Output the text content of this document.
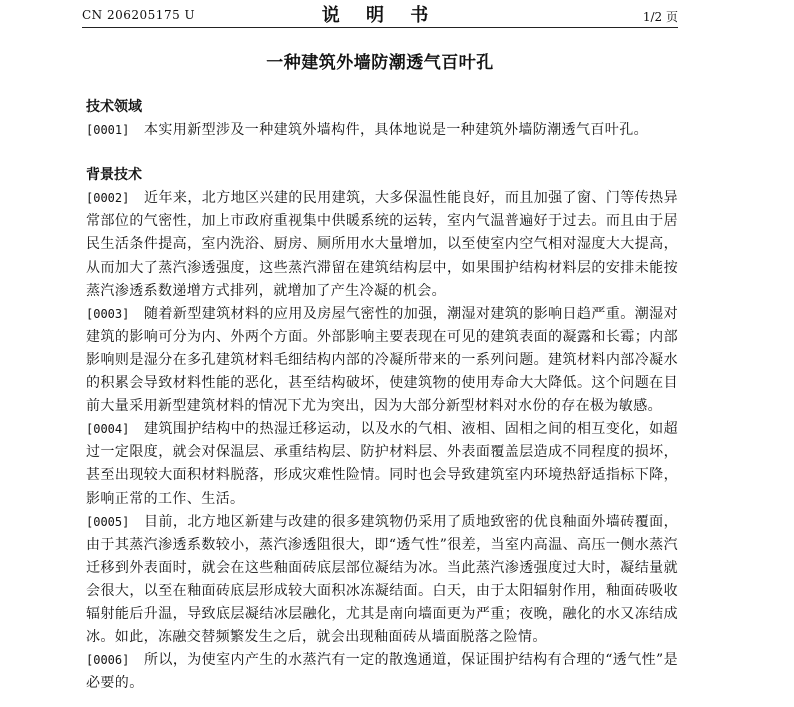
CN 206205175 U	说 明 书	1/2 页
一种建筑外墙防潮透气百叶孔
技术领域

[0001] 本实用新型涉及一种建筑外墙构件，具体地说是一种建筑外墙防潮透气百叶孔。

背景技术

[0002] 近年来，北方地区兴建的民用建筑，大多保温性能良好，而且加强了窗、门等传热异常部位的气密性，加上市政府重视集中供暖系统的运转，室内气温普遍好于过去。而且由于居民生活条件提高，室内洗浴、厨房、厕所用水大量增加，以至使室内空气相对湿度大大提高，从而加大了蒸汽渗透强度，这些蒸汽滞留在建筑结构层中，如果围护结构材料层的安排未能按蒸汽渗透系数递增方式排列，就增加了产生冷凝的机会。

[0003] 随着新型建筑材料的应用及房屋气密性的加强，潮湿对建筑的影响日趋严重。潮湿对建筑的影响可分为内、外两个方面。外部影响主要表现在可见的建筑表面的凝露和长霉；内部影响则是湿分在多孔建筑材料毛细结构内部的冷凝所带来的一系列问题。建筑材料内部冷凝水的积累会导致材料性能的恶化，甚至结构破坏，使建筑物的使用寿命大大降低。这个问题在目前大量采用新型建筑材料的情况下尤为突出，因为大部分新型材料对水份的存在极为敏感。

[0004] 建筑围护结构中的热湿迁移运动，以及水的气相、液相、固相之间的相互变化，如超过一定限度，就会对保温层、承重结构层、防护材料层、外表面覆盖层造成不同程度的损坏，甚至出现较大面积材料脱落，形成灾难性险情。同时也会导致建筑室内环境热舒适指标下降，影响正常的工作、生活。

[0005] 目前，北方地区新建与改建的很多建筑物仍采用了质地致密的优良釉面外墙砖覆面，由于其蒸汽渗透系数较小，蒸汽渗透阻很大，即“透气性”很差，当室内高温、高压一侧水蒸汽迁移到外表面时，就会在这些釉面砖底层部位凝结为冰。当此蒸汽渗透强度过大时，凝结量就会很大，以至在釉面砖底层形成较大面积冰冻凝结面。白天，由于太阳辐射作用，釉面砖吸收辐射能后升温，导致底层凝结冰层融化，尤其是南向墙面更为严重；夜晚，融化的水又冻结成冰。如此，冻融交替频繁发生之后，就会出现釉面砖从墙面脱落之险情。

[0006] 所以，为使室内产生的水蒸汽有一定的散逸通道，保证围护结构有合理的“透气性”是必要的。
